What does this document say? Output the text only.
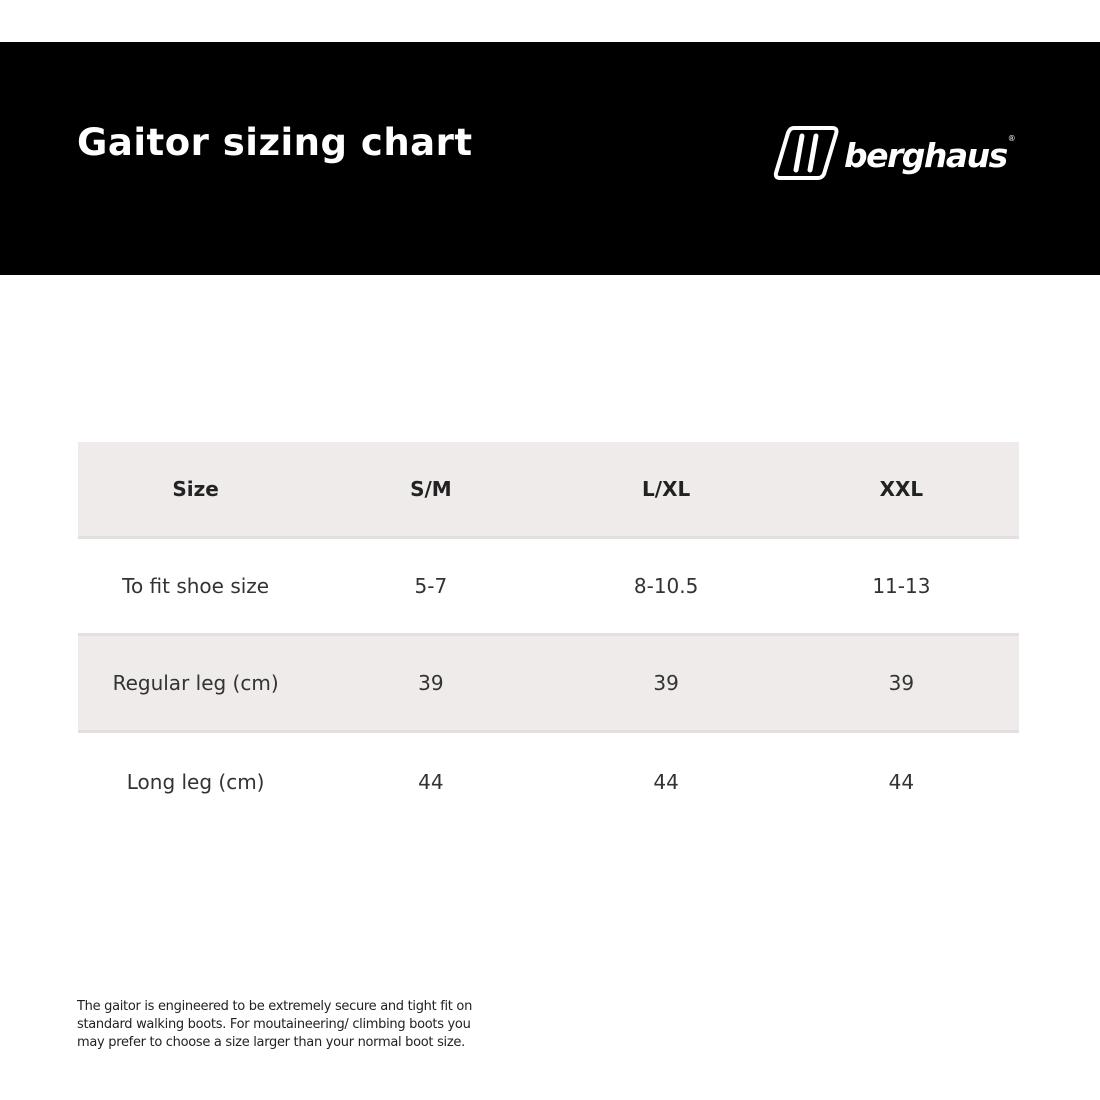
Gaitor sizing chart	berghaus ®
Size	S/M	L/XL	XXL
To fit shoe size	5-7	8-10.5	11-13
Regular leg (cm)	39	39	39
Long leg (cm)	44	44	44
The gaitor is engineered to be extremely secure and tight fit on
standard walking boots. For moutaineering/ climbing boots you
may prefer to choose a size larger than your normal boot size.
